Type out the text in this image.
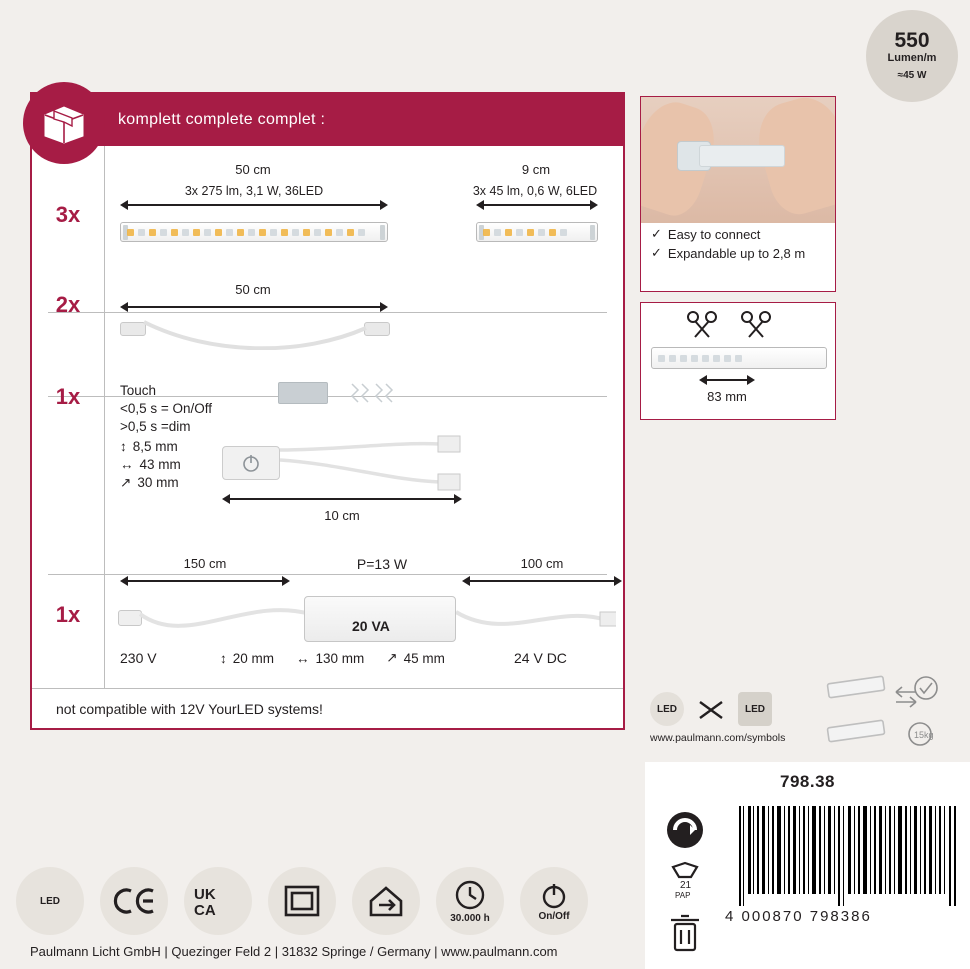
550
Lumen/m
≈45 W
komplett complete complet :
3x
50 cm
3x 275 lm, 3,1 W, 36LED
9 cm
3x 45 lm, 0,6 W, 6LED
2x
50 cm
1x	Touch
<0,5 s = On/Off
>0,5 s =dim
↕ 8,5 mm
↔ 43 mm
↗ 30 mm
10 cm
1x
150 cm	P=13 W	100 cm
20 VA
230 V	↕ 20 mm ↔ 130 mm ↗ 45 mm	24 V DC
not compatible with 12V YourLED systems!
✓ Easy to connect
✓ Expandable up to 2,8 m
83 mm
LED	LED
www.paulmann.com/symbols	15kg
798.38

21
PAP

4 000870 798386
LED	UK
CA	30.000 h	On/Off
Paulmann Licht GmbH | Quezinger Feld 2 | 31832 Springe / Germany | www.paulmann.com
